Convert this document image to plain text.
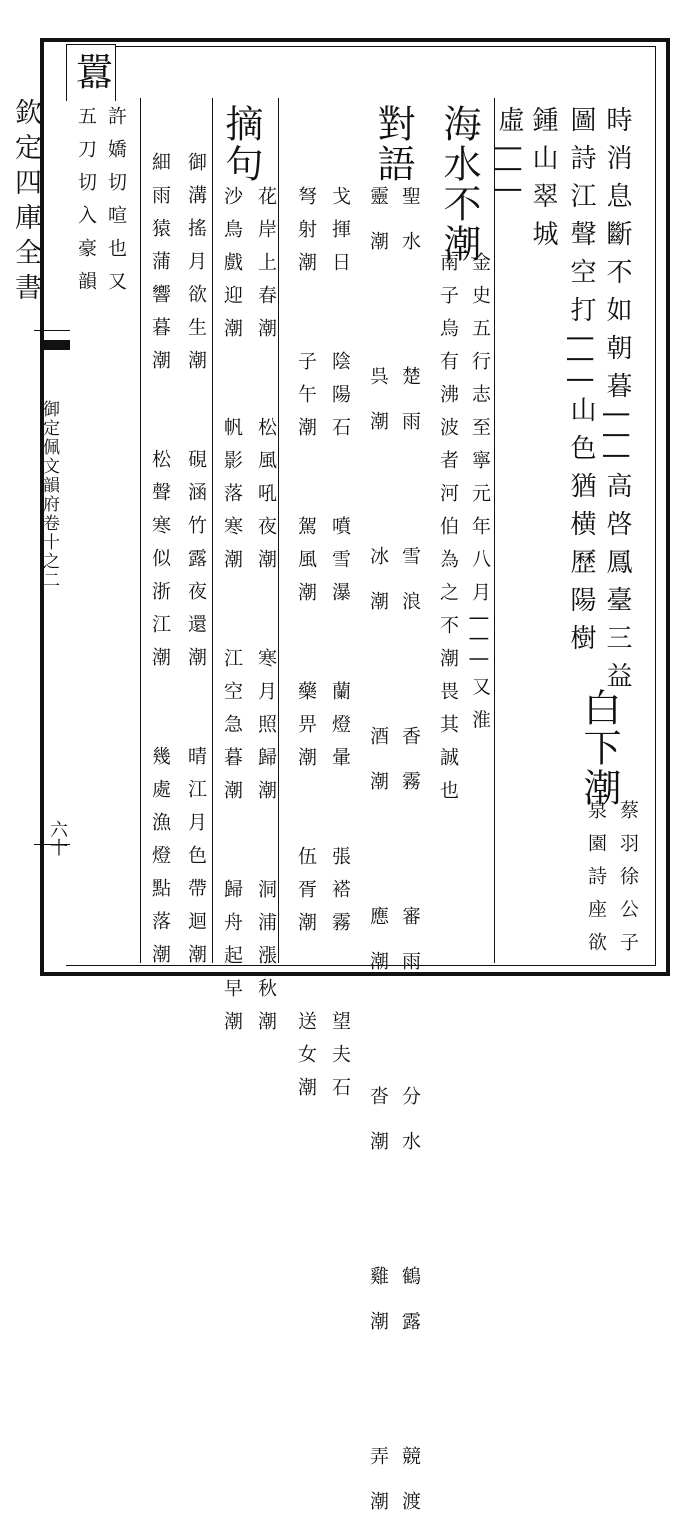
欽定四庫全書
御定佩文韻府卷十之二
六十
時消息斷不如朝暮|||高啓鳳臺三益
圖詩江聲空打|||山色猶横歷陽樹
白下潮
蔡羽徐公子
泉園詩座欲
鍾山翠城
虛|||
海水不潮
金史五行志至寧元年八月|||又淮
南子烏有沸波者河伯為之不潮畏其誠也
對語
聖水　　楚雨　　雪浪　　香霧　　審雨　　分水　　鶴露　　競渡
靈潮　　呉潮　　冰潮　　酒潮　　應潮　　沓潮　　雞潮　　弄潮
戈揮日　　陰陽石　　噴雪瀑　　蘭燈暈　　張褡霧　　望夫石
弩射潮　　子午潮　　駕風潮　　藥畀潮　　伍胥潮　　送女潮
摘句
花岸上春潮　　松風吼夜潮　　寒月照歸潮　　洞浦漲秋潮
沙鳥戲迎潮　　帆影落寒潮　　江空急暮潮　　歸舟起早潮
御溝搖月欲生潮　　硯涵竹露夜還潮　　晴江月色帶迴潮
細雨猿蒲響暮潮　　松聲寒似浙江潮　　幾處漁燈點落潮
囂
許嬌切喧也又
五刀切入豪韻
